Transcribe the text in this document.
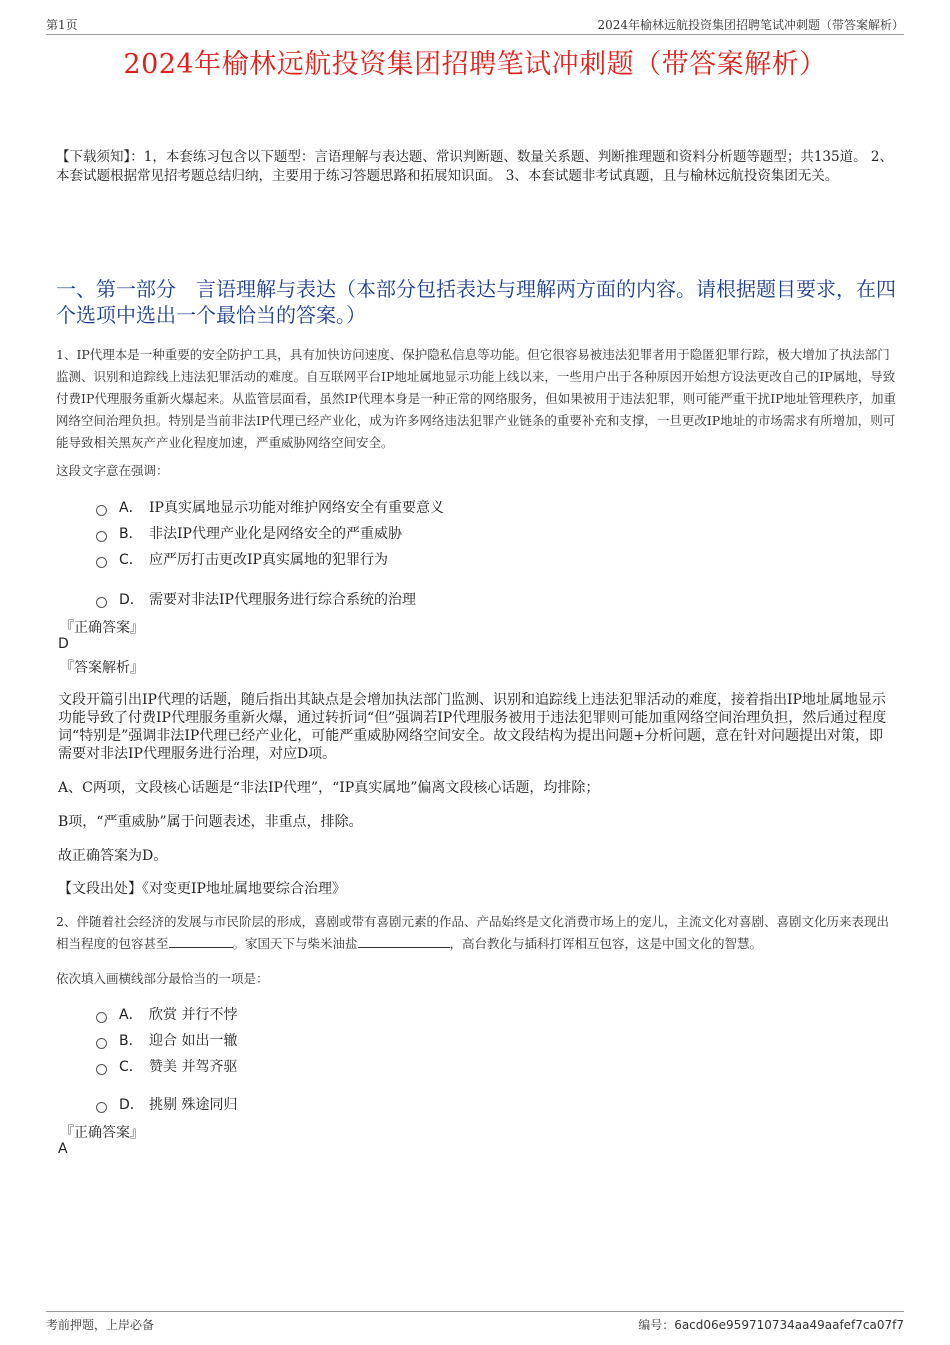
第1页	2024年榆林远航投资集团招聘笔试冲刺题（带答案解析）
2024年榆林远航投资集团招聘笔试冲刺题（带答案解析）
【下载须知】：1，本套练习包含以下题型：言语理解与表达题、常识判断题、数量关系题、判断推理题和资料分析题等题型；共135道。 2、本套试题根据常见招考题总结归纳，主要用于练习答题思路和拓展知识面。 3、本套试题非考试真题，且与榆林远航投资集团无关。
一、第一部分　言语理解与表达（本部分包括表达与理解两方面的内容。请根据题目要求，在四个选项中选出一个最恰当的答案。）
1、IP代理本是一种重要的安全防护工具，具有加快访问速度、保护隐私信息等功能。但它很容易被违法犯罪者用于隐匿犯罪行踪，极大增加了执法部门监测、识别和追踪线上违法犯罪活动的难度。自互联网平台IP地址属地显示功能上线以来，一些用户出于各种原因开始想方设法更改自己的IP属地，导致付费IP代理服务重新火爆起来。从监管层面看，虽然IP代理本身是一种正常的网络服务，但如果被用于违法犯罪，则可能严重干扰IP地址管理秩序，加重网络空间治理负担。特别是当前非法IP代理已经产业化，成为许多网络违法犯罪产业链条的重要补充和支撑，一旦更改IP地址的市场需求有所增加，则可能导致相关黑灰产产业化程度加速，严重威胁网络空间安全。
这段文字意在强调：
A． IP真实属地显示功能对维护网络安全有重要意义
B． 非法IP代理产业化是网络安全的严重威胁
C． 应严厉打击更改IP真实属地的犯罪行为
D． 需要对非法IP代理服务进行综合系统的治理
『正确答案』
D
『答案解析』
文段开篇引出IP代理的话题，随后指出其缺点是会增加执法部门监测、识别和追踪线上违法犯罪活动的难度，接着指出IP地址属地显示功能导致了付费IP代理服务重新火爆，通过转折词“但”强调若IP代理服务被用于违法犯罪则可能加重网络空间治理负担，然后通过程度词“特别是”强调非法IP代理已经产业化，可能严重威胁网络空间安全。故文段结构为提出问题+分析问题，意在针对问题提出对策，即需要对非法IP代理服务进行治理，对应D项。
A、C两项，文段核心话题是“非法IP代理”，“IP真实属地”偏离文段核心话题，均排除；
B项，“严重威胁”属于问题表述，非重点，排除。
故正确答案为D。
【文段出处】《对变更IP地址属地要综合治理》
2、伴随着社会经济的发展与市民阶层的形成，喜剧或带有喜剧元素的作品、产品始终是文化消费市场上的宠儿，主流文化对喜剧、喜剧文化历来表现出相当程度的包容甚至	。家国天下与柴米油盐	，高台教化与插科打诨相互包容，这是中国文化的智慧。
依次填入画横线部分最恰当的一项是：
A． 欣赏 并行不悖
B． 迎合 如出一辙
C． 赞美 并驾齐驱
D． 挑剔 殊途同归
『正确答案』
A
考前押题，上岸必备	编号：6acd06e959710734aa49aafef7ca07f7
